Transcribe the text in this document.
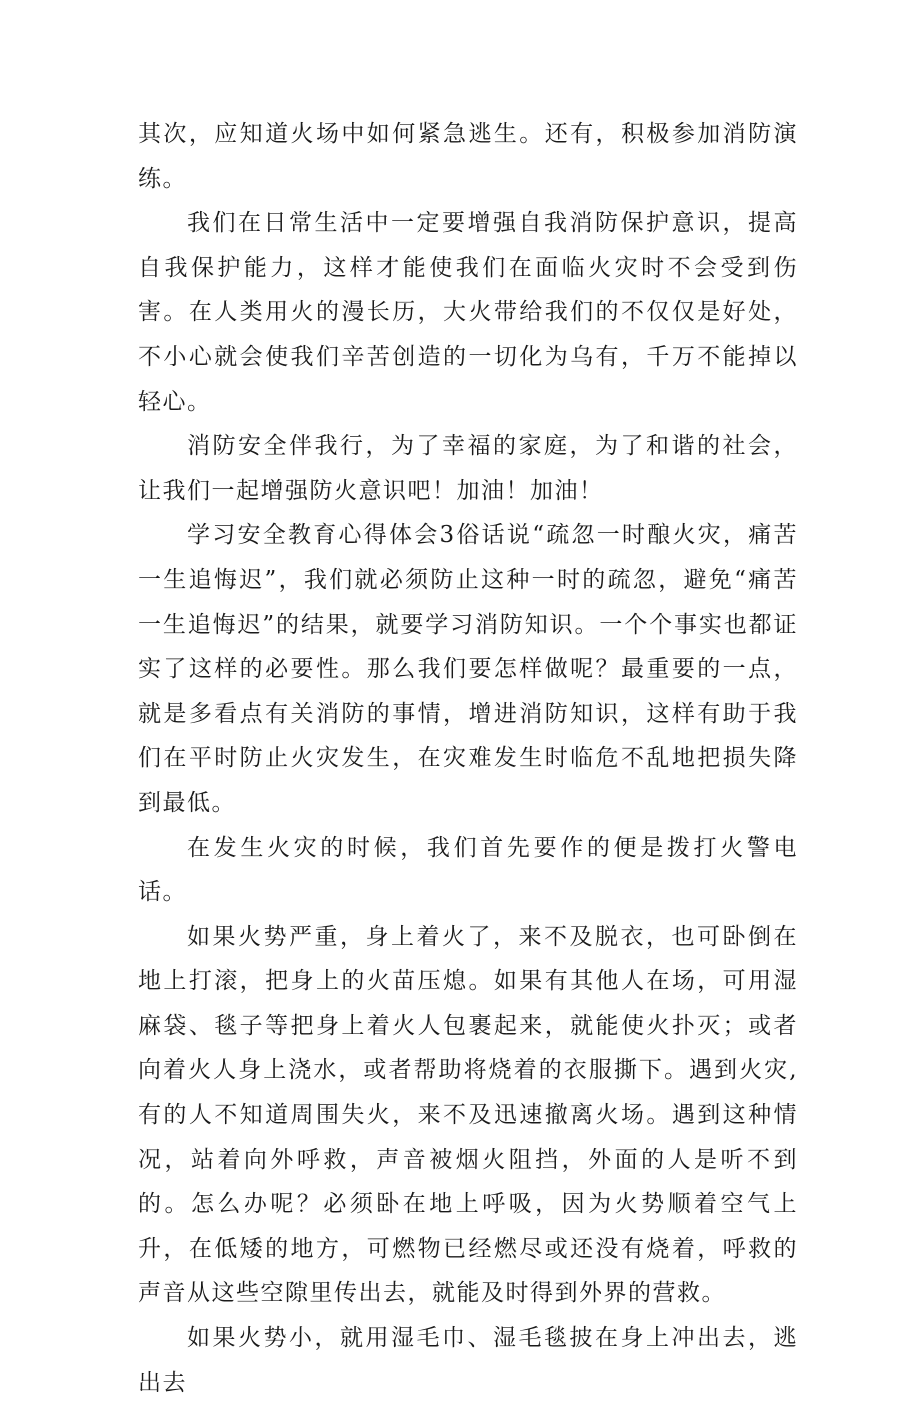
其次，应知道火场中如何紧急逃生。还有，积极参加消防演练。

我们在日常生活中一定要增强自我消防保护意识，提高自我保护能力，这样才能使我们在面临火灾时不会受到伤害。在人类用火的漫长历，大火带给我们的不仅仅是好处，不小心就会使我们辛苦创造的一切化为乌有，千万不能掉以轻心。

消防安全伴我行，为了幸福的家庭，为了和谐的社会，让我们一起增强防火意识吧！加油！加油！

学习安全教育心得体会3俗话说“疏忽一时酿火灾，痛苦一生追悔迟”，我们就必须防止这种一时的疏忽，避免“痛苦一生追悔迟”的结果，就要学习消防知识。一个个事实也都证实了这样的必要性。那么我们要怎样做呢？最重要的一点，就是多看点有关消防的事情，增进消防知识，这样有助于我们在平时防止火灾发生，在灾难发生时临危不乱地把损失降到最低。

在发生火灾的时候，我们首先要作的便是拨打火警电话。

如果火势严重，身上着火了，来不及脱衣，也可卧倒在地上打滚，把身上的火苗压熄。如果有其他人在场，可用湿麻袋、毯子等把身上着火人包裹起来，就能使火扑灭；或者向着火人身上浇水，或者帮助将烧着的衣服撕下。遇到火灾,有的人不知道周围失火，来不及迅速撤离火场。遇到这种情况，站着向外呼救，声音被烟火阻挡，外面的人是听不到的。怎么办呢？必须卧在地上呼吸，因为火势顺着空气上升，在低矮的地方，可燃物已经燃尽或还没有烧着，呼救的声音从这些空隙里传出去，就能及时得到外界的营救。

如果火势小，就用湿毛巾、湿毛毯披在身上冲出去，逃出去
